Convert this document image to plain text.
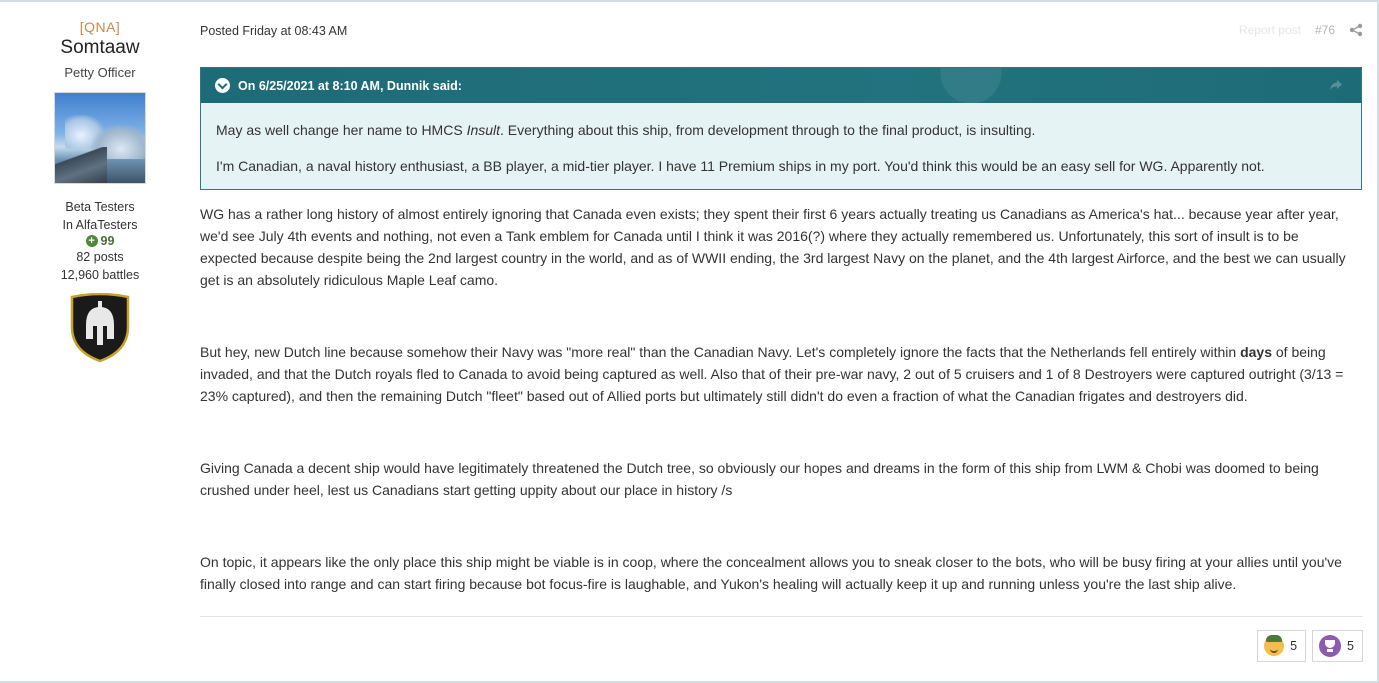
[QNA]
Somtaaw
Petty Officer
Beta Testers
In AlfaTesters
+ 99
82 posts
12,960 battles
Posted Friday at 08:43 AM	Report post #76
On 6/25/2021 at 8:10 AM, Dunnik said:

May as well change her name to HMCS Insult. Everything about this ship, from development through to the final product, is insulting.

I'm Canadian, a naval history enthusiast, a BB player, a mid-tier player. I have 11 Premium ships in my port. You'd think this would be an easy sell for WG. Apparently not.

WG has a rather long history of almost entirely ignoring that Canada even exists; they spent their first 6 years actually treating us Canadians as America's hat... because year after year, we'd see July 4th events and nothing, not even a Tank emblem for Canada until I think it was 2016(?) where they actually remembered us. Unfortunately, this sort of insult is to be expected because despite being the 2nd largest country in the world, and as of WWII ending, the 3rd largest Navy on the planet, and the 4th largest Airforce, and the best we can usually get is an absolutely ridiculous Maple Leaf camo.

But hey, new Dutch line because somehow their Navy was "more real" than the Canadian Navy. Let's completely ignore the facts that the Netherlands fell entirely within days of being invaded, and that the Dutch royals fled to Canada to avoid being captured as well. Also that of their pre-war navy, 2 out of 5 cruisers and 1 of 8 Destroyers were captured outright (3/13 = 23% captured), and then the remaining Dutch "fleet" based out of Allied ports but ultimately still didn't do even a fraction of what the Canadian frigates and destroyers did.

Giving Canada a decent ship would have legitimately threatened the Dutch tree, so obviously our hopes and dreams in the form of this ship from LWM & Chobi was doomed to being crushed under heel, lest us Canadians start getting uppity about our place in history /s

On topic, it appears like the only place this ship might be viable is in coop, where the concealment allows you to sneak closer to the bots, who will be busy firing at your allies until you've finally closed into range and can start firing because bot focus-fire is laughable, and Yukon's healing will actually keep it up and running unless you're the last ship alive.

5	5
